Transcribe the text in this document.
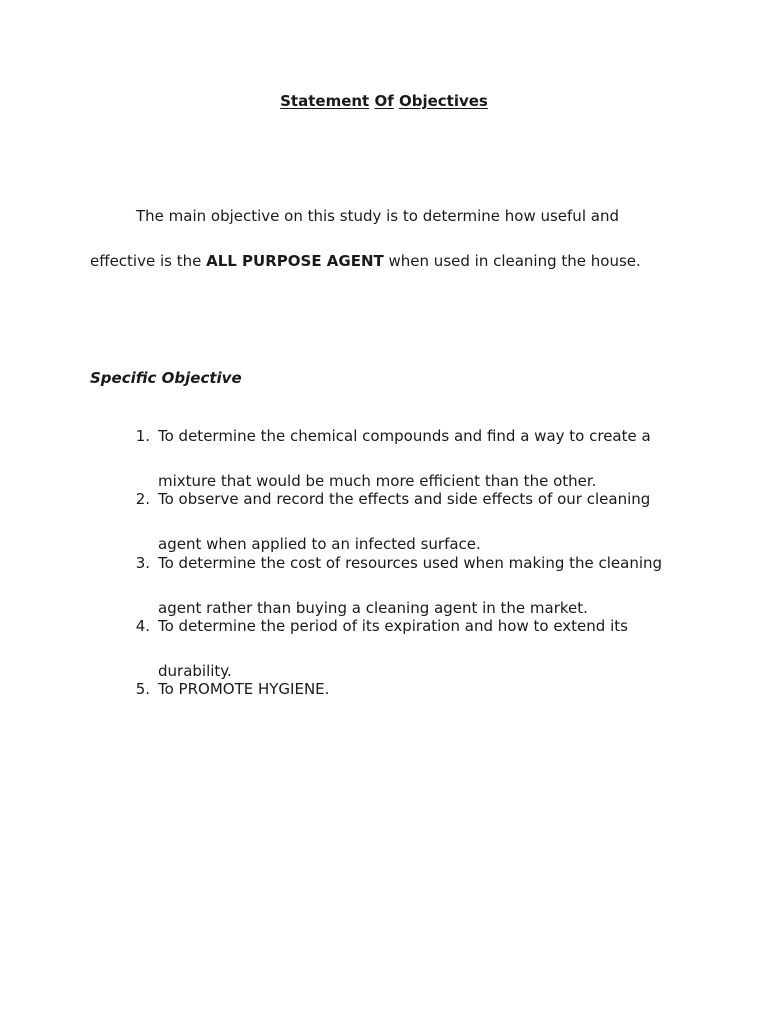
Statement Of Objectives
The main objective on this study is to determine how useful and
effective is the ALL PURPOSE AGENT when used in cleaning the house.
Specific Objective
1. To determine the chemical compounds and find a way to create a
mixture that would be much more efficient than the other.
2. To observe and record the effects and side effects of our cleaning
agent when applied to an infected surface.
3. To determine the cost of resources used when making the cleaning
agent rather than buying a cleaning agent in the market.
4. To determine the period of its expiration and how to extend its
durability.
5. To PROMOTE HYGIENE.
